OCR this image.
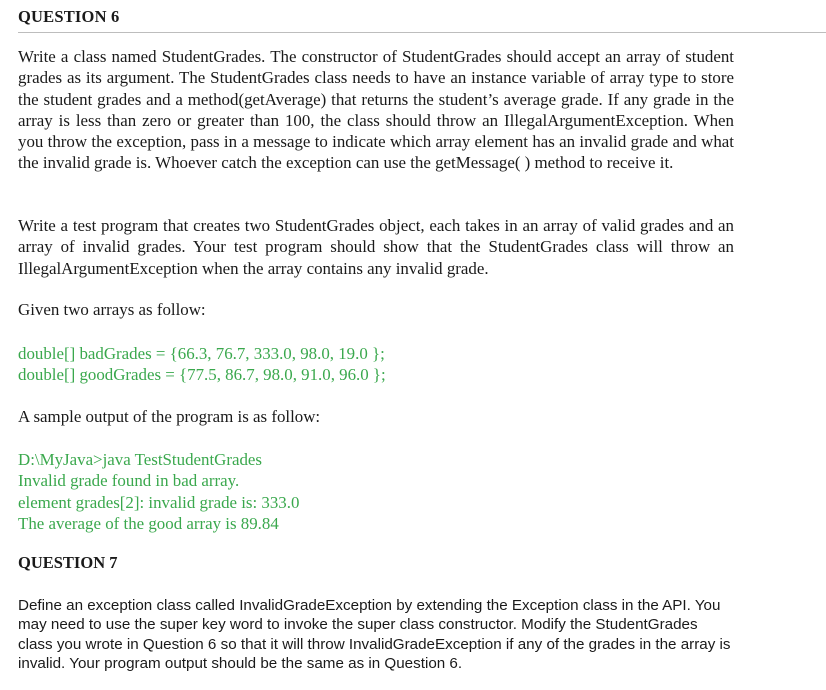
QUESTION 6

Write a class named StudentGrades. The constructor of StudentGrades should accept an array of student grades as its argument. The StudentGrades class needs to have an instance variable of array type to store the student grades and a method(getAverage) that returns the student’s average grade. If any grade in the array is less than zero or greater than 100, the class should throw an IllegalArgumentException. When you throw the exception, pass in a message to indicate which array element has an invalid grade and what the invalid grade is. Whoever catch the exception can use the getMessage( ) method to receive it.

Write a test program that creates two StudentGrades object, each takes in an array of valid grades and an array of invalid grades. Your test program should show that the StudentGrades class will throw an IllegalArgumentException when the array contains any invalid grade.

Given two arrays as follow:

double[] badGrades = {66.3, 76.7, 333.0, 98.0, 19.0 };
double[] goodGrades = {77.5, 86.7, 98.0, 91.0, 96.0 };

A sample output of the program is as follow:

D:\MyJava>java TestStudentGrades
Invalid grade found in bad array.
element grades[2]: invalid grade is: 333.0
The average of the good array is 89.84
QUESTION 7

Define an exception class called InvalidGradeException by extending the Exception class in the API. You may need to use the super key word to invoke the super class constructor. Modify the StudentGrades class you wrote in Question 6 so that it will throw InvalidGradeException if any of the grades in the array is invalid. Your program output should be the same as in Question 6.
